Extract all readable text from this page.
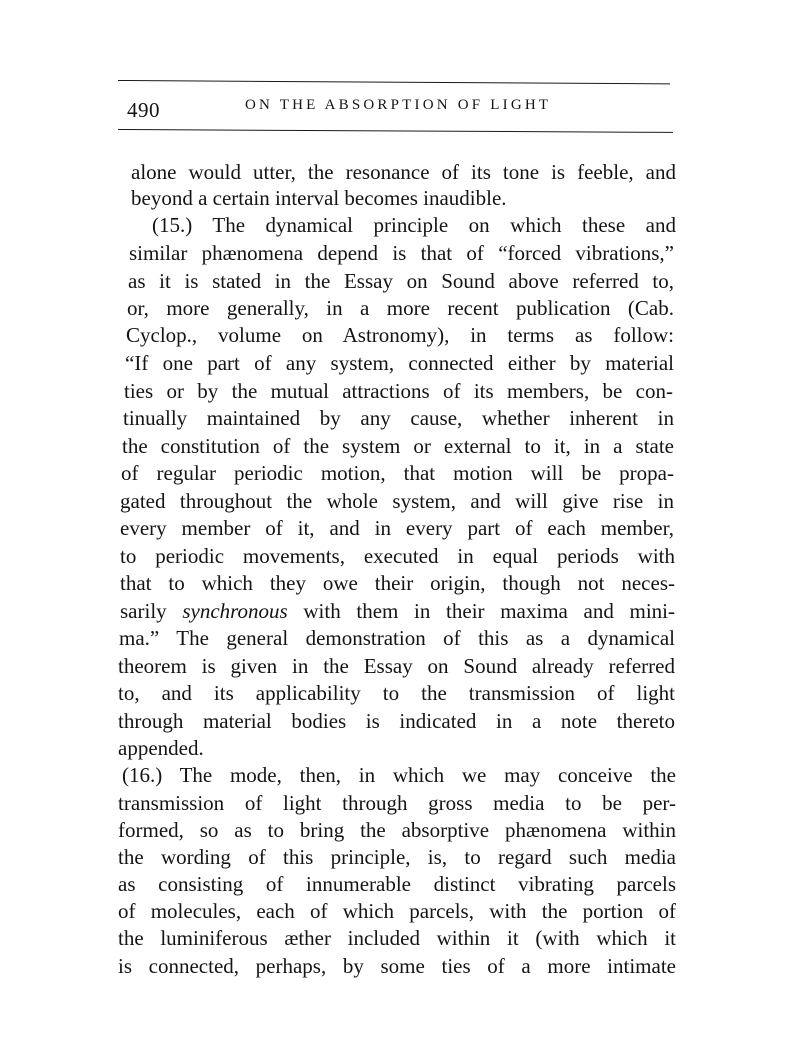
490	ON THE ABSORPTION OF LIGHT
alone would utter, the resonance of its tone is feeble, and
beyond a certain interval becomes inaudible.
(15.) The dynamical principle on which these and
similar phænomena depend is that of “forced vibrations,”
as it is stated in the Essay on Sound above referred to,
or, more generally, in a more recent publication (Cab.
Cyclop., volume on Astronomy), in terms as follow:
“If one part of any system, connected either by material
ties or by the mutual attractions of its members, be con-
tinually maintained by any cause, whether inherent in
the constitution of the system or external to it, in a state
of regular periodic motion, that motion will be propa-
gated throughout the whole system, and will give rise in
every member of it, and in every part of each member,
to periodic movements, executed in equal periods with
that to which they owe their origin, though not neces-
sarily synchronous with them in their maxima and mini-
ma.” The general demonstration of this as a dynamical
theorem is given in the Essay on Sound already referred
to, and its applicability to the transmission of light
through material bodies is indicated in a note thereto
appended.
(16.) The mode, then, in which we may conceive the
transmission of light through gross media to be per-
formed, so as to bring the absorptive phænomena within
the wording of this principle, is, to regard such media
as consisting of innumerable distinct vibrating parcels
of molecules, each of which parcels, with the portion of
the luminiferous æther included within it (with which it
is connected, perhaps, by some ties of a more intimate
